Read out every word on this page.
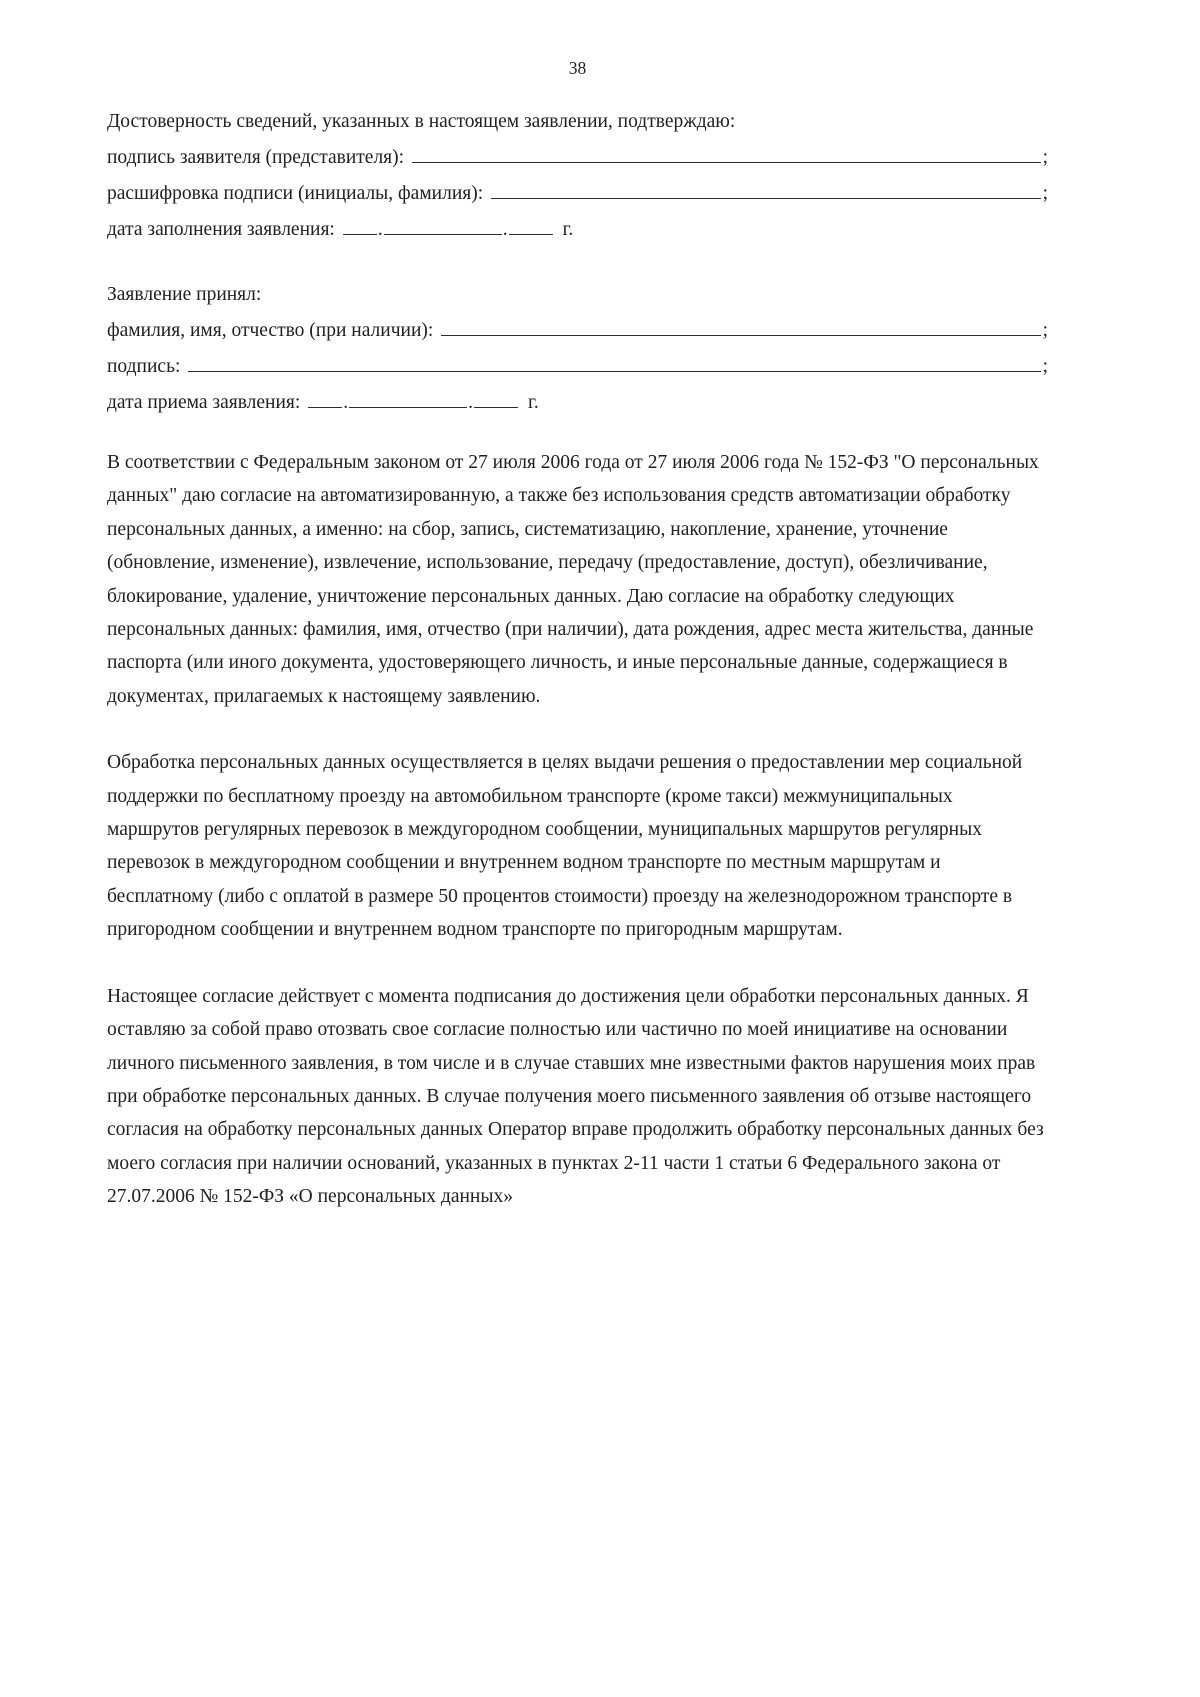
38
Достоверность сведений, указанных в настоящем заявлении, подтверждаю:
подпись заявителя (представителя):	;
расшифровка подписи (инициалы, фамилия):	;
дата заполнения заявления: .	.	г.
Заявление принял:
фамилия, имя, отчество (при наличии):	;
подпись:	;
дата приема заявления: .	.	г.

В соответствии с Федеральным законом от 27 июля 2006 года от 27 июля 2006 года № 152-ФЗ "О персональных данных" даю согласие на автоматизированную, а также без использования средств автоматизации обработку персональных данных, а именно: на сбор, запись, систематизацию, накопление, хранение, уточнение (обновление, изменение), извлечение, использование, передачу (предоставление, доступ), обезличивание, блокирование, удаление, уничтожение персональных данных. Даю согласие на обработку следующих персональных данных: фамилия, имя, отчество (при наличии), дата рождения, адрес места жительства, данные паспорта (или иного документа, удостоверяющего личность, и иные персональные данные, содержащиеся в документах, прилагаемых к настоящему заявлению.

Обработка персональных данных осуществляется в целях выдачи решения о предоставлении мер социальной поддержки по бесплатному проезду на автомобильном транспорте (кроме такси) межмуниципальных маршрутов регулярных перевозок в междугородном сообщении, муниципальных маршрутов регулярных перевозок в междугородном сообщении и внутреннем водном транспорте по местным маршрутам и бесплатному (либо с оплатой в размере 50 процентов стоимости) проезду на железнодорожном транспорте в пригородном сообщении и внутреннем водном транспорте по пригородным маршрутам.

Настоящее согласие действует с момента подписания до достижения цели обработки персональных данных. Я оставляю за собой право отозвать свое согласие полностью или частично по моей инициативе на основании личного письменного заявления, в том числе и в случае ставших мне известными фактов нарушения моих прав при обработке персональных данных. В случае получения моего письменного заявления об отзыве настоящего согласия на обработку персональных данных Оператор вправе продолжить обработку персональных данных без моего согласия при наличии оснований, указанных в пунктах 2-11 части 1 статьи 6 Федерального закона от 27.07.2006 № 152-ФЗ «О персональных данных»
